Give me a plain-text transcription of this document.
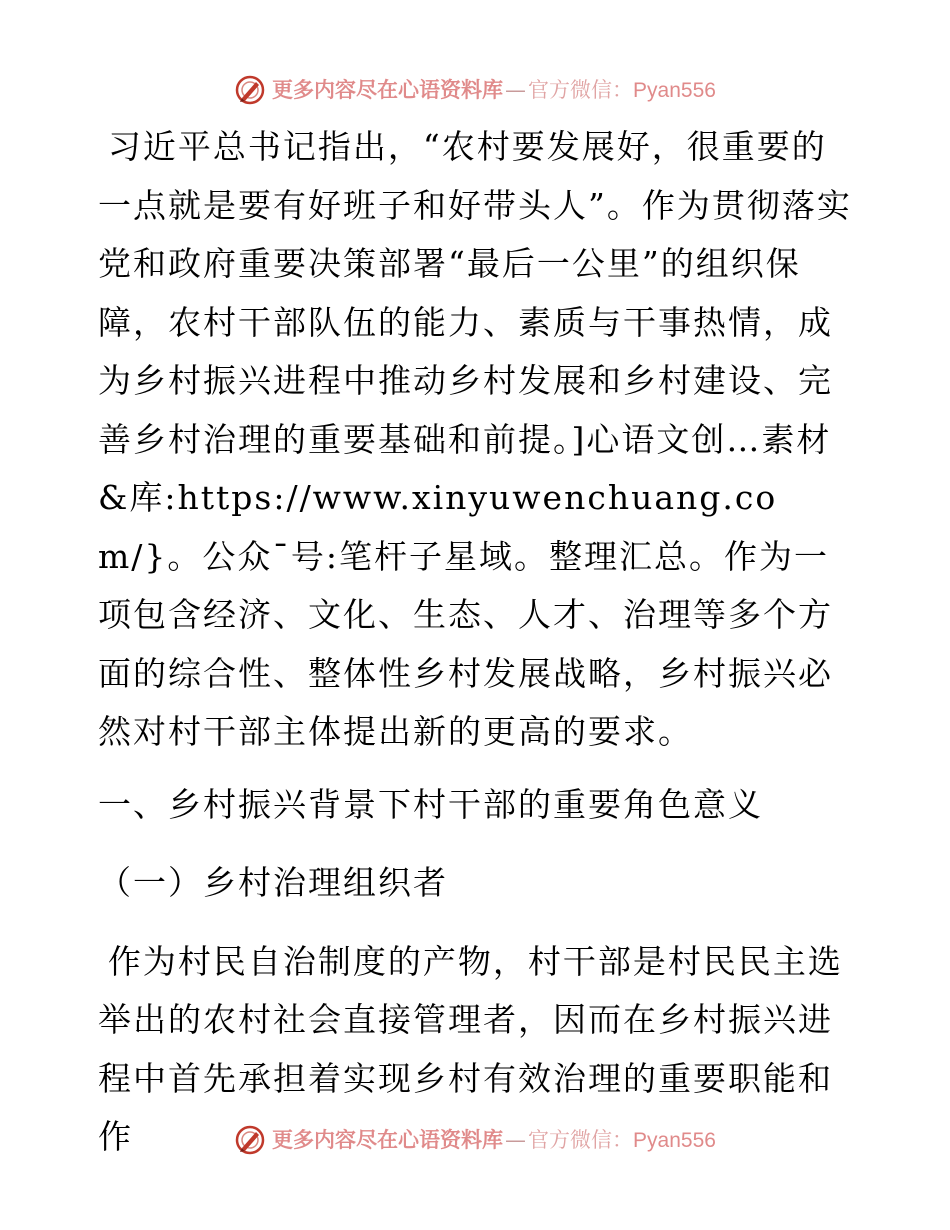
更多内容尽在心语资料库 — 官方微信： Pyan556

习近平总书记指出，“农村要发展好，很重要的一点就是要有好班子和好带头人”。作为贯彻落实党和政府重要决策部署“最后一公里”的组织保障，农村干部队伍的能力、素质与干事热情，成为乡村振兴进程中推动乡村发展和乡村建设、完善乡村治理的重要基础和前提。]心语文创…素材&库:https://www.xinyuwenchuang.com/}。公众¯号:笔杆子星域。整理汇总。作为一项包含经济、文化、生态、人才、治理等多个方面的综合性、整体性乡村发展战略，乡村振兴必然对村干部主体提出新的更高的要求。

一、乡村振兴背景下村干部的重要角色意义

（一）乡村治理组织者

作为村民自治制度的产物，村干部是村民民主选举出的农村社会直接管理者，因而在乡村振兴进程中首先承担着实现乡村有效治理的重要职能和作	更多内容尽在心语资料库 — 官方微信： Pyan556
